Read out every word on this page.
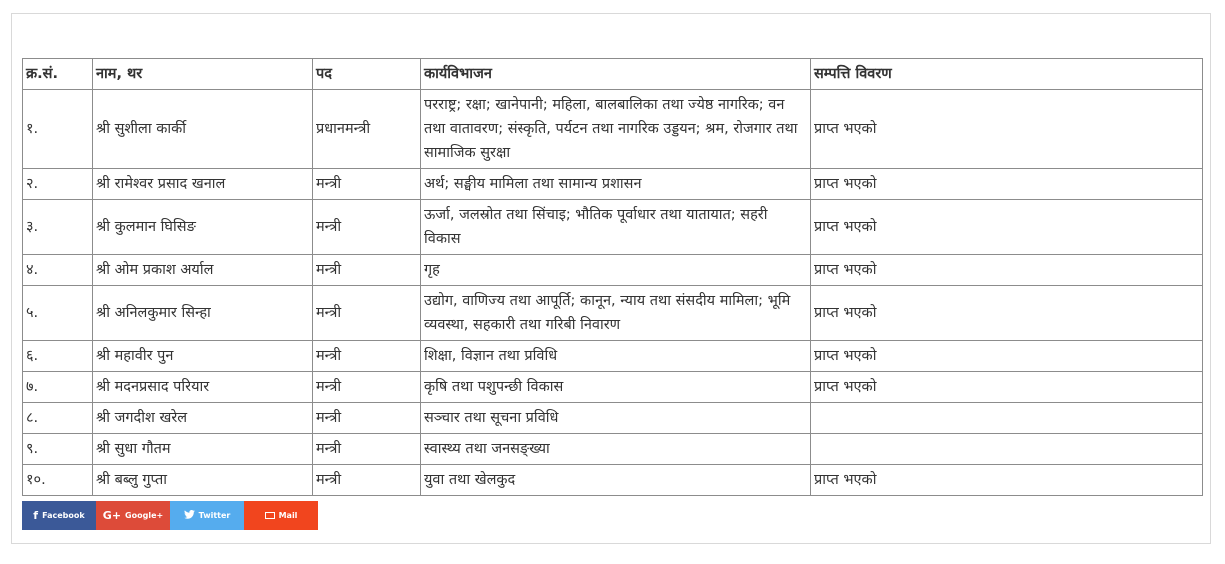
क्र.सं.	नाम, थर	पद	कार्यविभाजन	सम्पत्ति विवरण
१.	श्री सुशीला कार्की	प्रधानमन्त्री	परराष्ट्र; रक्षा; खानेपानी; महिला, बालबालिका तथा ज्येष्ठ नागरिक; वन तथा वातावरण; संस्कृति, पर्यटन तथा नागरिक उड्डयन; श्रम, रोजगार तथा सामाजिक सुरक्षा	प्राप्त भएको
२.	श्री रामेश्वर प्रसाद खनाल	मन्त्री	अर्थ; सङ्घीय मामिला तथा सामान्य प्रशासन	प्राप्त भएको
३.	श्री कुलमान घिसिङ	मन्त्री	ऊर्जा, जलस्रोत तथा सिंचाइ; भौतिक पूर्वाधार तथा यातायात; सहरी विकास	प्राप्त भएको
४.	श्री ओम प्रकाश अर्याल	मन्त्री	गृह	प्राप्त भएको
५.	श्री अनिलकुमार सिन्हा	मन्त्री	उद्योग, वाणिज्य तथा आपूर्ति; कानून, न्याय तथा संसदीय मामिला; भूमि व्यवस्था, सहकारी तथा गरिबी निवारण	प्राप्त भएको
६.	श्री महावीर पुन	मन्त्री	शिक्षा, विज्ञान तथा प्रविधि	प्राप्त भएको
७.	श्री मदनप्रसाद परियार	मन्त्री	कृषि तथा पशुपन्छी विकास	प्राप्त भएको
८.	श्री जगदीश खरेल	मन्त्री	सञ्चार तथा सूचना प्रविधि	
९.	श्री सुधा गौतम	मन्त्री	स्वास्थ्य तथा जनसङ्ख्या	
१०.	श्री बब्लु गुप्ता	मन्त्री	युवा तथा खेलकुद	प्राप्त भएको
f Facebook G+ Google+	Twitter	Mail
